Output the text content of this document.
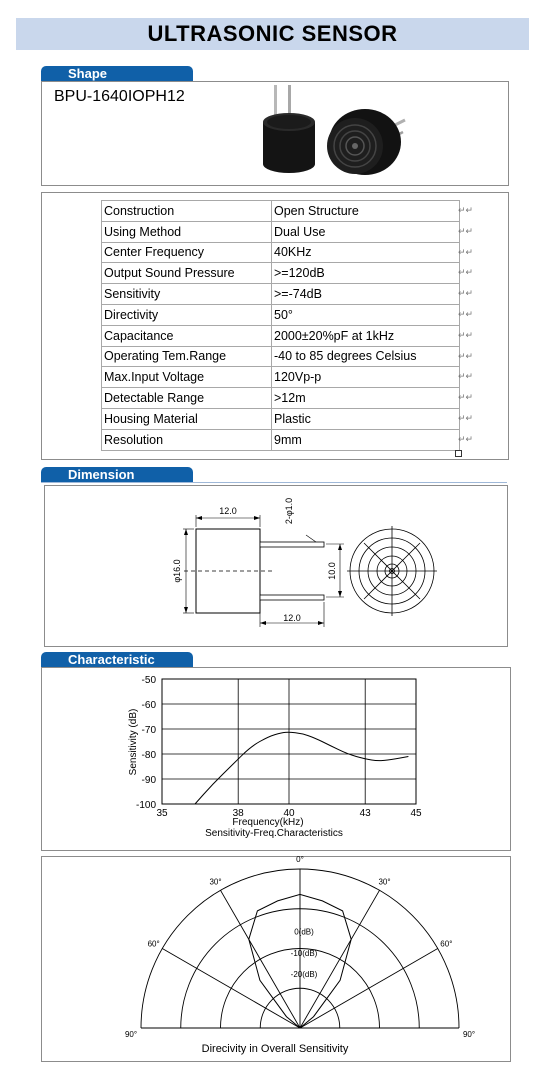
ULTRASONIC SENSOR
Shape
BPU-1640IOPH12
Construction	Open Structure
Using Method	Dual Use
Center Frequency	40KHz
Output Sound Pressure	>=120dB
Sensitivity	>=-74dB
Directivity	50°
Capacitance	2000±20%pF at 1kHz
Operating Tem.Range	-40 to 85 degrees Celsius
Max.Input Voltage	120Vp-p
Detectable Range	>12m
Housing Material	Plastic
Resolution	9mm
Dimension
12.0
φ16.0
2-φ1.0
10.0
12.0
Characteristic
35	38	40	43	45
-50
-60
-70
-80
-90
-100
Sensitivity (dB)
Frequency(kHz)
Sensitivity-Freq.Characteristics
90°
60°
30°
0°
30°
60°
90°
0(dB)
-10(dB)
-20(dB)
Direcivity in Overall Sensitivity
↵↵
↵↵
↵↵
↵↵
↵↵
↵↵
↵↵
↵↵
↵↵
↵↵
↵↵
↵↵
